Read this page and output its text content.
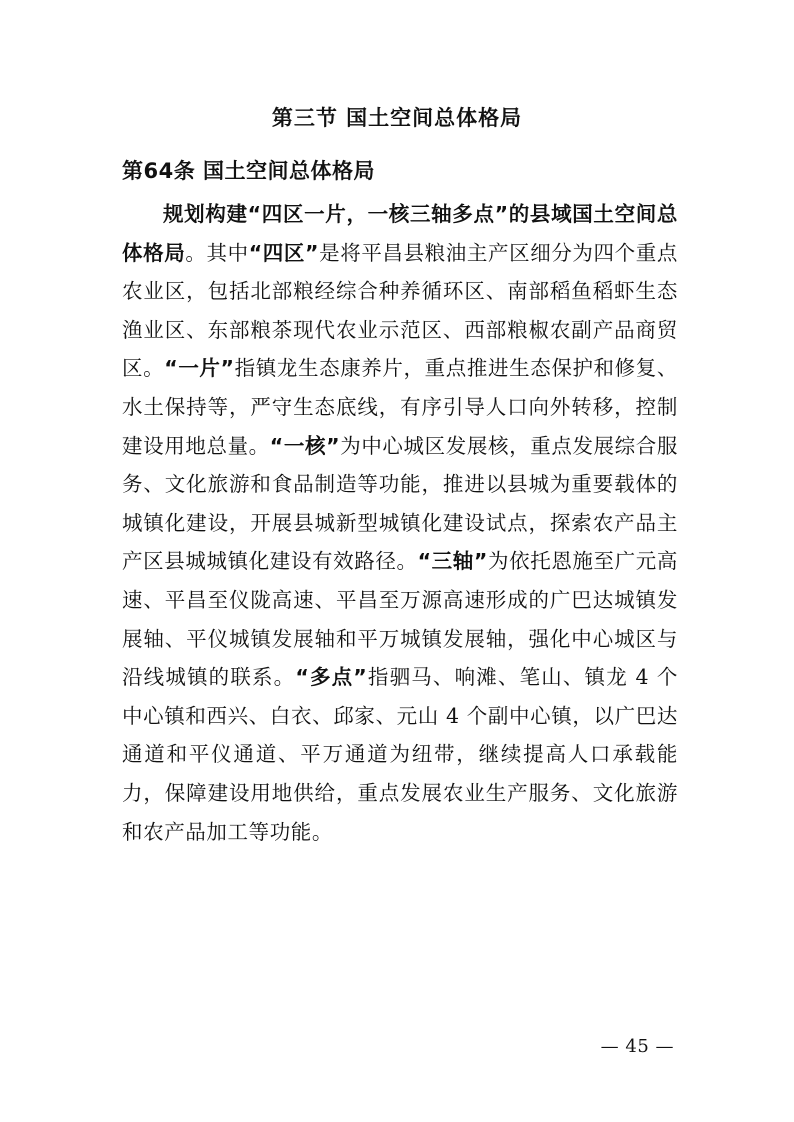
第三节 国土空间总体格局
第64条 国土空间总体格局

规划构建“四区一片，一核三轴多点”的县域国土空间总体格局。其中“四区”是将平昌县粮油主产区细分为四个重点农业区，包括北部粮经综合种养循环区、南部稻鱼稻虾生态渔业区、东部粮茶现代农业示范区、西部粮椒农副产品商贸区。“一片”指镇龙生态康养片，重点推进生态保护和修复、水土保持等，严守生态底线，有序引导人口向外转移，控制建设用地总量。“一核”为中心城区发展核，重点发展综合服务、文化旅游和食品制造等功能，推进以县城为重要载体的城镇化建设，开展县城新型城镇化建设试点，探索农产品主产区县城城镇化建设有效路径。“三轴”为依托恩施至广元高速、平昌至仪陇高速、平昌至万源高速形成的广巴达城镇发展轴、平仪城镇发展轴和平万城镇发展轴，强化中心城区与沿线城镇的联系。“多点”指驷马、响滩、笔山、镇龙 4 个中心镇和西兴、白衣、邱家、元山 4 个副中心镇，以广巴达通道和平仪通道、平万通道为纽带，继续提高人口承载能力，保障建设用地供给，重点发展农业生产服务、文化旅游和农产品加工等功能。

— 45 —
